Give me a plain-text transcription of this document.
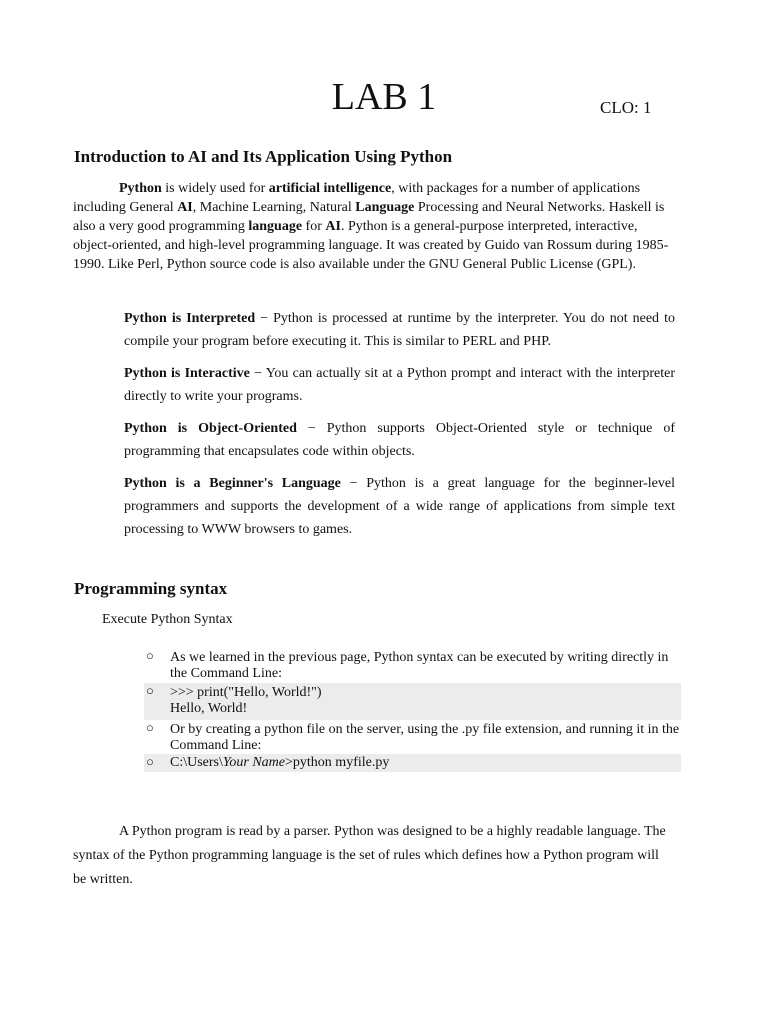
LAB 1	CLO: 1
Introduction to AI and Its Application Using Python
Python is widely used for artificial intelligence, with packages for a number of applications including General AI, Machine Learning, Natural Language Processing and Neural Networks. Haskell is also a very good programming language for AI. Python is a general-purpose interpreted, interactive, object-oriented, and high-level programming language. It was created by Guido van Rossum during 1985- 1990. Like Perl, Python source code is also available under the GNU General Public License (GPL).

Python is Interpreted − Python is processed at runtime by the interpreter. You do not need to compile your program before executing it. This is similar to PERL and PHP.

Python is Interactive − You can actually sit at a Python prompt and interact with the interpreter directly to write your programs.

Python is Object-Oriented − Python supports Object-Oriented style or technique of programming that encapsulates code within objects.

Python is a Beginner's Language − Python is a great language for the beginner-level programmers and supports the development of a wide range of applications from simple text processing to WWW browsers to games.

Programming syntax
Execute Python Syntax
○ As we learned in the previous page, Python syntax can be executed by writing directly in the Command Line:
○ >>> print("Hello, World!")
Hello, World!
○ Or by creating a python file on the server, using the .py file extension, and running it in the Command Line:
○ C:\Users\Your Name>python myfile.py
A Python program is read by a parser. Python was designed to be a highly readable language. The syntax of the Python programming language is the set of rules which defines how a Python program will be written.
